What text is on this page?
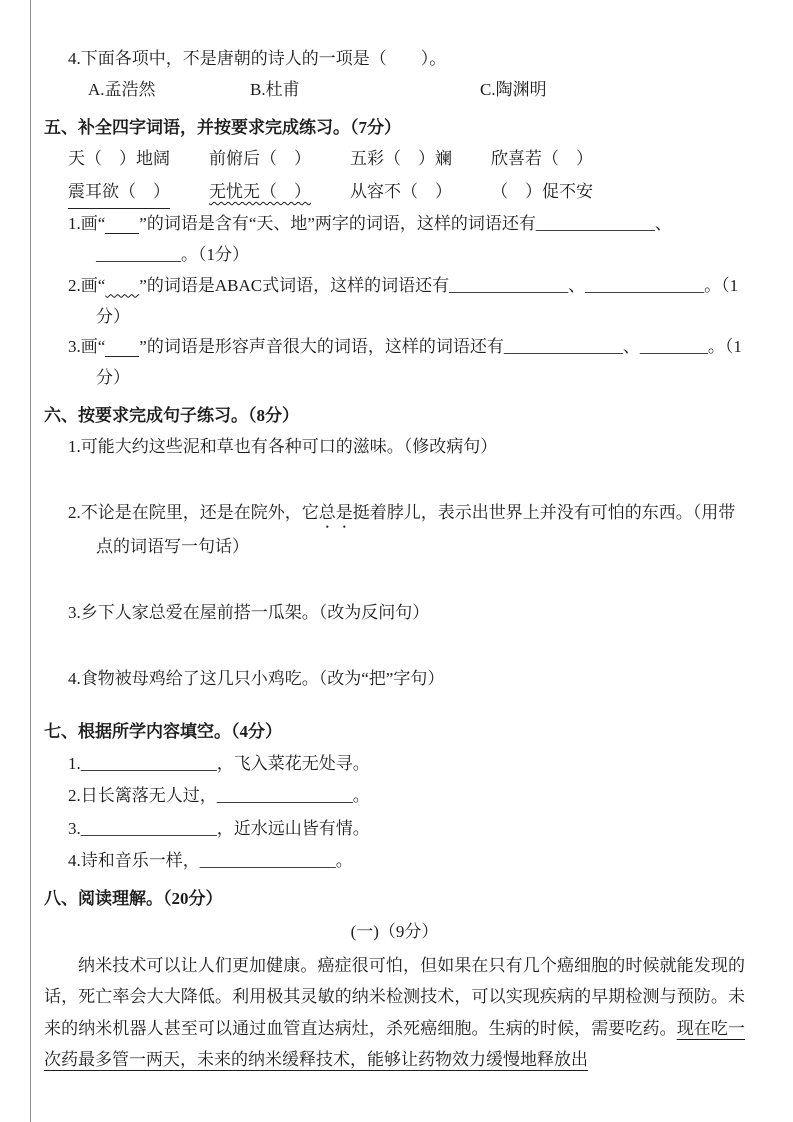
4.下面各项中，不是唐朝的诗人的一项是（　　）。
A.孟浩然	B.杜甫	C.陶渊明
五、补全四字词语，并按要求完成练习。（7分）
天（　）地阔	前俯后（　）	五彩（　）斓	欣喜若（　）
震耳欲（　） 无忧无（　）	从容不（　）	（　）促不安
1.画“　　 ”的词语是含有“天、地”两字的词语，这样的词语还有______________、__________。（1分）
2.画“　　 ”的词语是ABAC式词语，这样的词语还有______________、______________。（1分）
3.画“　　 ”的词语是形容声音很大的词语，这样的词语还有______________、________。（1分）
六、按要求完成句子练习。（8分）
1.可能大约这些泥和草也有各种可口的滋味。（修改病句）
2.不论是在院里，还是在院外，它总是挺着脖儿，表示出世界上并没有可怕的东西。（用带点的词语写一句话）
3.乡下人家总爱在屋前搭一瓜架。（改为反问句）
4.食物被母鸡给了这几只小鸡吃。（改为“把”字句）
七、根据所学内容填空。（4分）
1.________________，飞入菜花无处寻。
2.日长篱落无人过，________________。
3.________________，近水远山皆有情。
4.诗和音乐一样，________________。
八、阅读理解。（20分）
(一)（9分）

纳米技术可以让人们更加健康。癌症很可怕，但如果在只有几个癌细胞的时候就能发现的话，死亡率会大大降低。利用极其灵敏的纳米检测技术，可以实现疾病的早期检测与预防。未来的纳米机器人甚至可以通过血管直达病灶，杀死癌细胞。生病的时候，需要吃药。现在吃一次药最多管一两天，未来的纳米缓释技术，能够让药物效力缓慢地释放出
